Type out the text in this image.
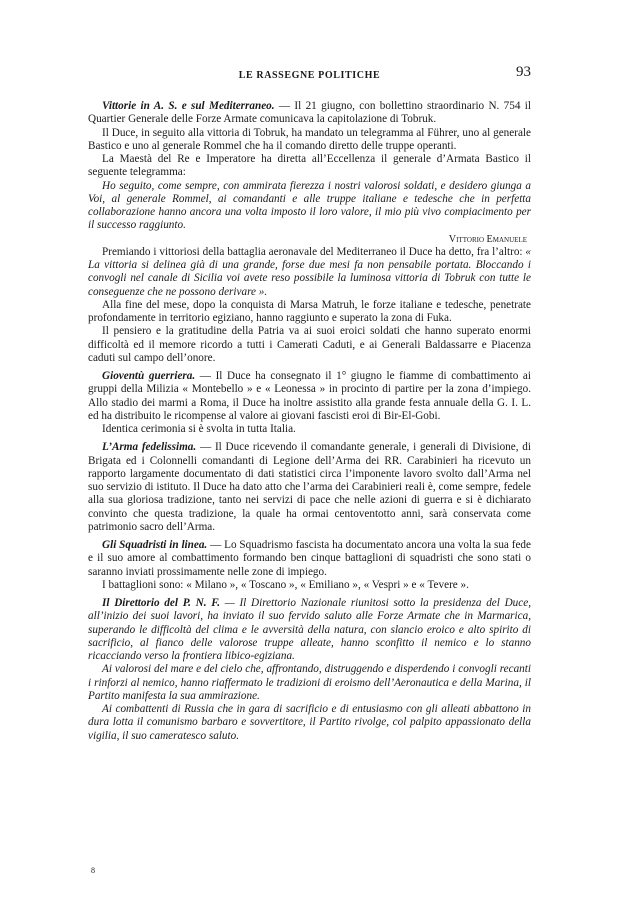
LE RASSEGNE POLITICHE	93

Vittorie in A. S. e sul Mediterraneo. — Il 21 giugno, con bollettino straordinario N. 754 il Quartier Generale delle Forze Armate comunicava la capitolazione di Tobruk.

Il Duce, in seguito alla vittoria di Tobruk, ha mandato un telegramma al Führer, uno al generale Bastico e uno al generale Rommel che ha il comando diretto delle truppe operanti.

La Maestà del Re e Imperatore ha diretta all’Eccellenza il generale d’Armata Bastico il seguente telegramma:

Ho seguito, come sempre, con ammirata fierezza i nostri valorosi soldati, e desidero giunga a Voi, al generale Rommel, ai comandanti e alle truppe italiane e tedesche che in perfetta collaborazione hanno ancora una volta imposto il loro valore, il mio più vivo compiacimento per il successo raggiunto.

Vittorio Emanuele

Premiando i vittoriosi della battaglia aeronavale del Mediterraneo il Duce ha detto, fra l’altro: « La vittoria si delinea già di una grande, forse due mesi fa non pensabile portata. Bloccando i convogli nel canale di Sicilia voi avete reso possibile la luminosa vittoria di Tobruk con tutte le conseguenze che ne possono derivare ».

Alla fine del mese, dopo la conquista di Marsa Matruh, le forze italiane e tedesche, penetrate profondamente in territorio egiziano, hanno raggiunto e superato la zona di Fuka.

Il pensiero e la gratitudine della Patria va ai suoi eroici soldati che hanno superato enormi difficoltà ed il memore ricordo a tutti i Camerati Caduti, e ai Generali Baldassarre e Piacenza caduti sul campo dell’onore.

Gioventù guerriera. — Il Duce ha consegnato il 1° giugno le fiamme di combattimento ai gruppi della Milizia « Montebello » e « Leonessa » in procinto di partire per la zona d’impiego. Allo stadio dei marmi a Roma, il Duce ha inoltre assistito alla grande festa annuale della G. I. L. ed ha distribuito le ricompense al valore ai giovani fascisti eroi di Bir-El-Gobi.

Identica cerimonia si è svolta in tutta Italia.

L’Arma fedelissima. — Il Duce ricevendo il comandante generale, i generali di Divisione, di Brigata ed i Colonnelli comandanti di Legione dell’Arma dei RR. Carabinieri ha ricevuto un rapporto largamente documentato di dati statistici circa l’imponente lavoro svolto dall’Arma nel suo servizio di istituto. Il Duce ha dato atto che l’arma dei Carabinieri reali è, come sempre, fedele alla sua gloriosa tradizione, tanto nei servizi di pace che nelle azioni di guerra e si è dichiarato convinto che questa tradizione, la quale ha ormai centoventotto anni, sarà conservata come patrimonio sacro dell’Arma.

Gli Squadristi in linea. — Lo Squadrismo fascista ha documentato ancora una volta la sua fede e il suo amore al combattimento formando ben cinque battaglioni di squadristi che sono stati o saranno inviati prossimamente nelle zone di impiego.

I battaglioni sono: « Milano », « Toscano », « Emiliano », « Vespri » e « Tevere ».

Il Direttorio del P. N. F. — Il Direttorio Nazionale riunitosi sotto la presidenza del Duce, all’inizio dei suoi lavori, ha inviato il suo fervido saluto alle Forze Armate che in Marmarica, superando le difficoltà del clima e le avversità della natura, con slancio eroico e alto spirito di sacrificio, al fianco delle valorose truppe alleate, hanno sconfitto il nemico e lo stanno ricacciando verso la frontiera libico-egiziana.

Ai valorosi del mare e del cielo che, affrontando, distruggendo e disperdendo i convogli recanti i rinforzi al nemico, hanno riaffermato le tradizioni di eroismo dell’Aeronautica e della Marina, il Partito manifesta la sua ammirazione.

Ai combattenti di Russia che in gara di sacrificio e di entusiasmo con gli alleati abbattono in dura lotta il comunismo barbaro e sovvertitore, il Partito rivolge, col palpito appassionato della vigilia, il suo cameratesco saluto.

8
